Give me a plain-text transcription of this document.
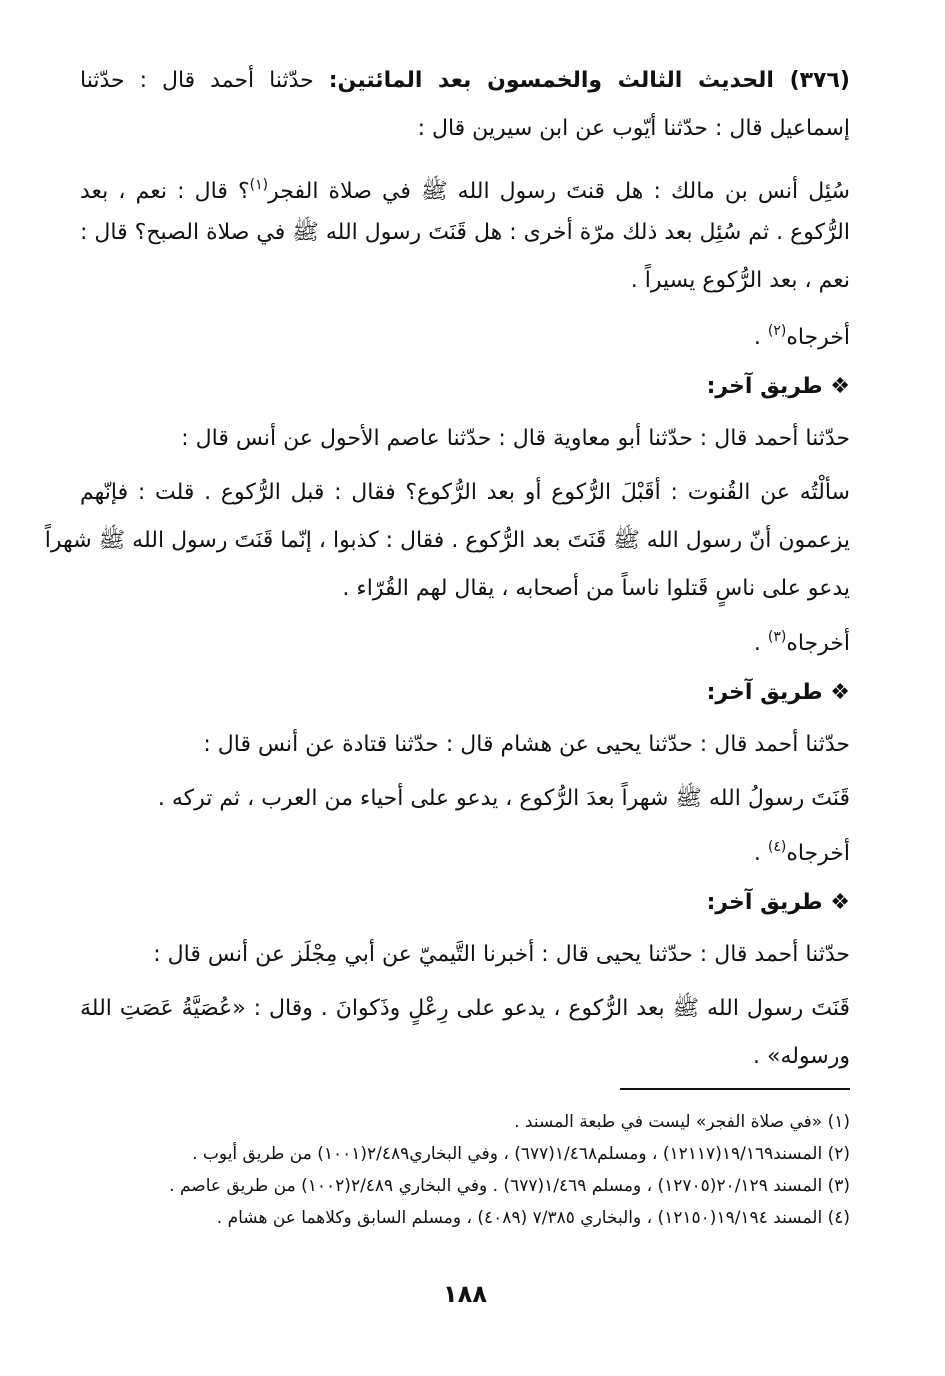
(٣٧٦) الحديث الثالث والخمسون بعد المائتين: حدّثنا أحمد قال : حدّثنا
إسماعيل قال : حدّثنا أيّوب عن ابن سيرين قال :
سُئِل أنس بن مالك : هل قنتَ رسول الله ﷺ في صلاة الفجر$^{(١)}$؟ قال : نعم ، بعد
الرُّكوع . ثم سُئِل بعد ذلك مرّة أخرى : هل قَنَتَ رسول الله ﷺ في صلاة الصبح؟ قال :
نعم ، بعد الرُّكوع يسيراً .
أخرجاه$^{(٢)}$ .
❖ طريق آخر:
حدّثنا أحمد قال : حدّثنا أبو معاوية قال : حدّثنا عاصم الأحول عن أنس قال :
سألْتُه عن القُنوت : أقَبْلَ الرُّكوع أو بعد الرُّكوع؟ فقال : قبل الرُّكوع . قلت : فإنّهم
يزعمون أنّ رسول الله ﷺ قَنَتَ بعد الرُّكوع . فقال : كذبوا ، إنّما قَنَتَ رسول الله ﷺ شهراً
يدعو على ناسٍ قَتلوا ناساً من أصحابه ، يقال لهم القُرّاء .
أخرجاه$^{(٣)}$ .
❖ طريق آخر:
حدّثنا أحمد قال : حدّثنا يحيى عن هشام قال : حدّثنا قتادة عن أنس قال :
قَنَتَ رسولُ الله ﷺ شهراً بعدَ الرُّكوع ، يدعو على أحياء من العرب ، ثم تركه .
أخرجاه$^{(٤)}$ .
❖ طريق آخر:
حدّثنا أحمد قال : حدّثنا يحيى قال : أخبرنا التَّيميّ عن أبي مِجْلَز عن أنس قال :
قَنَتَ رسول الله ﷺ بعد الرُّكوع ، يدعو على رِعْلٍ وذَكوانَ . وقال : «عُصَيَّةُ عَصَتِ اللهَ
ورسوله» .
(١) «في صلاة الفجر» ليست في طبعة المسند .
(٢) المسند١٩/١٦٩(١٢١١٧) ، ومسلم١/٤٦٨(٦٧٧) ، وفي البخاري٢/٤٨٩(١٠٠١) من طريق أيوب .
(٣) المسند ٢٠/١٢٩(١٢٧٠٥) ، ومسلم ١/٤٦٩(٦٧٧) . وفي البخاري ٢/٤٨٩(١٠٠٢) من طريق عاصم .
(٤) المسند ١٩/١٩٤(١٢١٥٠) ، والبخاري ٧/٣٨٥ (٤٠٨٩) ، ومسلم السابق وكلاهما عن هشام .
١٨٨
